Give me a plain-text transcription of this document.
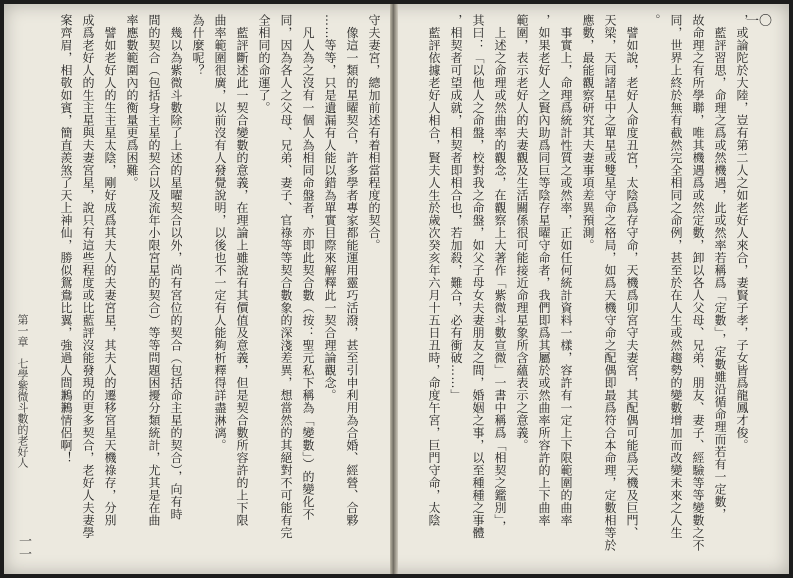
守夫妻宮，總加前述有着相當程度的契合。
　像這一類的星曜契合，許多學者專家都能運用靈巧活潑，甚至引申利用為合婚、經營、合夥
……等等，只是遺漏有人能以錯為單實目際來解釋此一契合理論觀念。
　凡人為之沒有一個人為相同命盤者，亦即此契合數（按：聖元私下稱為「變數」）的變化不
同，因為各人之父母、兄弟、妻子、官祿等等契合數象的深淺差異，想當然的其絕對不可能有完
全相同的命運了。
　藍評斷述此一契合變數的意義，在理論上雖說有其價值及意義，但是契合數所容許的上下限
曲率範圍很廣，以前沒有人發覺說明，以後也不一定有人能夠析釋得詳盡淋漓。
為什麼呢？
　幾以為紫微斗數除了上述的星曜契合以外，尚有宮位的契合（包括命主星的契合），向有時
間的契合（包括身主星的契合以及流年小限宮星的契合）等等問題困擾分類統計，尤其是在曲
率應數範圍內的衡量更爲困難。
　譬如老好人的生主星太陰，剛好成爲其夫人的夫妻宮星，其夫人的遷移宮星天機祿存，分別
成爲老好人的生主星與夫妻宮星，說只有這些程度或比藍評沒能發現的更多契合，老好人夫妻學
案齊眉，相敬如賓，簡直羨煞了天上神仙，勝似鴛鴦比翼，強過人間鶼鶼情侶啊！
第一章　七學紫微斗數的老好人
一一
一〇
，或論陀於大陸，豈有第二人之如老好人來合，妻賢子孝，子女皆爲龍鳳才俊。
　藍評習思，命理之爲或然機遇，此或然率若稱爲「定數」，定數雖沿循命理而若有一定數，
故命理之有所學聯，唯其機遇爲或然定數，卸以各人父母、兄弟、朋友、妻子、經驗等等變數之不
同，世界上終於無有截然完全相同之命例，甚至於在人生或然趨勢的變數增加而改變未來之人生
。
　譬如說，老好人命度丑宮，太陰爲存守命，天機爲卯宮守夫妻宮，其配偶可能爲天機及巨門、
天梁，天同諸星中之單星或雙星守命之格局，如爲天機守命之配偶即最爲符合本命理，定數相等於
應數，最能觀察研究其夫妻事項差異預測。
　事實上，命理爲統計性質之或然率，正如任何統計資料一樣，容許有一定上下限範圍的曲率
，如果老好人之賢內助爲同巨等陰存星曜守命者，我們即爲其屬於或然曲率所容許的上下曲率
範圍，表示老好人的夫妻觀及生活關係很可能接近命理星象所含蘊表示之意義。
　上述之命理或然曲率的觀念，在觀察上大著作「紫微斗數宣微」一書中稱爲「相契之鑑別」，
其曰：「以他人之命盤，校對我之命盤，如父子母女夫妻朋友之間，婚姻之事，以至種種之事體
，相契者可望成就，相契者即相合也，若加殺，難合，必有衝破……」
　藍評依據老好人相合，賢夫人生於歲次癸亥年六月十五日丑時，命度午宮，巨門守命，太陰
